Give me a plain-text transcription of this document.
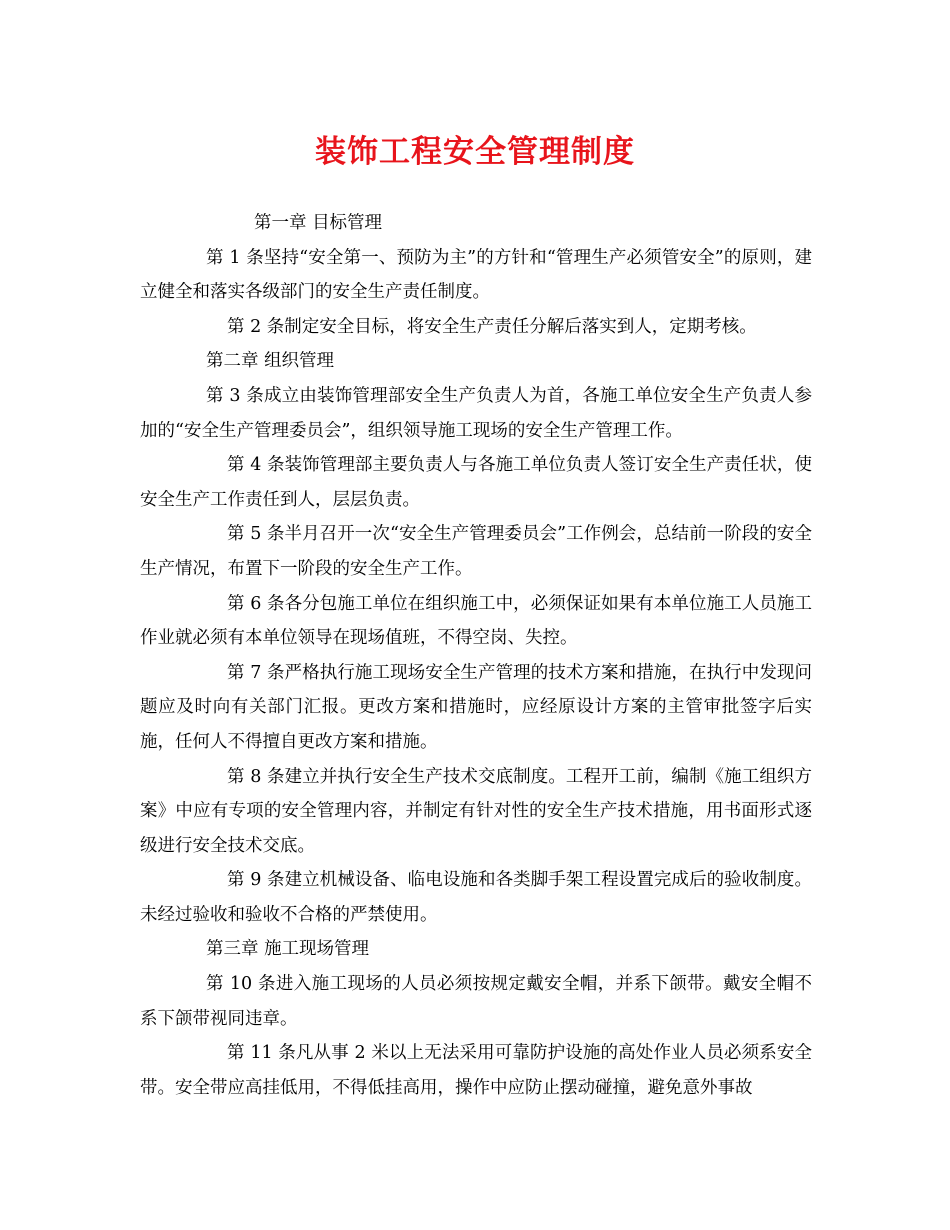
装饰工程安全管理制度

第一章 目标管理

第 1 条坚持“安全第一、预防为主”的方针和“管理生产必须管安全”的原则，建立健全和落实各级部门的安全生产责任制度。

第 2 条制定安全目标，将安全生产责任分解后落实到人，定期考核。

第二章 组织管理

第 3 条成立由装饰管理部安全生产负责人为首，各施工单位安全生产负责人参加的“安全生产管理委员会”，组织领导施工现场的安全生产管理工作。

第 4 条装饰管理部主要负责人与各施工单位负责人签订安全生产责任状，使安全生产工作责任到人，层层负责。

第 5 条半月召开一次“安全生产管理委员会”工作例会，总结前一阶段的安全生产情况，布置下一阶段的安全生产工作。

第 6 条各分包施工单位在组织施工中，必须保证如果有本单位施工人员施工作业就必须有本单位领导在现场值班，不得空岗、失控。

第 7 条严格执行施工现场安全生产管理的技术方案和措施，在执行中发现问题应及时向有关部门汇报。更改方案和措施时，应经原设计方案的主管审批签字后实施，任何人不得擅自更改方案和措施。

第 8 条建立并执行安全生产技术交底制度。工程开工前，编制《施工组织方案》中应有专项的安全管理内容，并制定有针对性的安全生产技术措施，用书面形式逐级进行安全技术交底。

第 9 条建立机械设备、临电设施和各类脚手架工程设置完成后的验收制度。未经过验收和验收不合格的严禁使用。

第三章 施工现场管理

第 10 条进入施工现场的人员必须按规定戴安全帽，并系下颌带。戴安全帽不系下颌带视同违章。

第 11 条凡从事 2 米以上无法采用可靠防护设施的高处作业人员必须系安全带。安全带应高挂低用，不得低挂高用，操作中应防止摆动碰撞，避免意外事故
